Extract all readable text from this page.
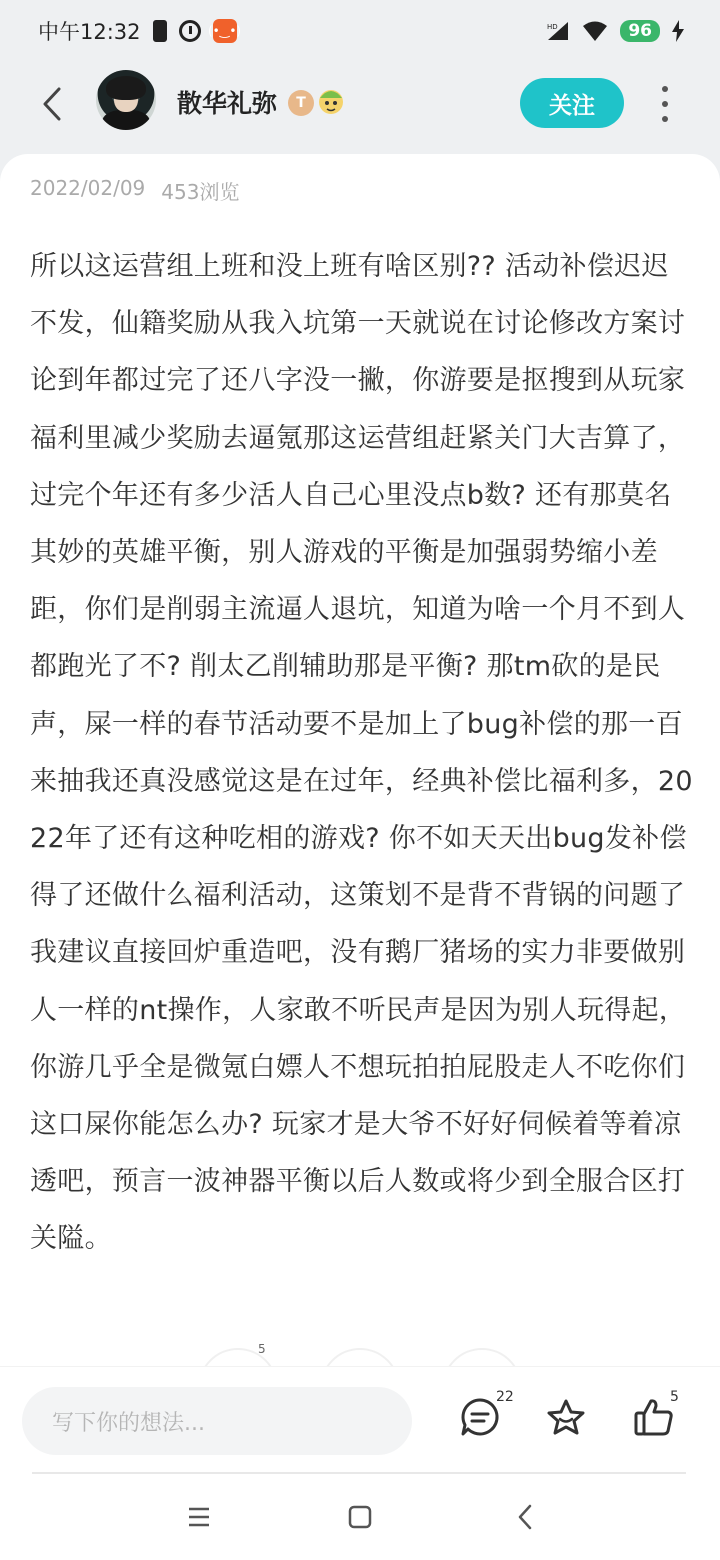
中午12:32	(•‿•)	HD	96
散华礼弥	T	关注
2022/02/09 453浏览
所以这运营组上班和没上班有啥区别?? 活动补偿迟迟不发，仙籍奖励从我入坑第一天就说在讨论修改方案讨论到年都过完了还八字没一撇，你游要是抠搜到从玩家福利里减少奖励去逼氪那这运营组赶紧关门大吉算了，过完个年还有多少活人自己心里没点b数? 还有那莫名其妙的英雄平衡，别人游戏的平衡是加强弱势缩小差距，你们是削弱主流逼人退坑，知道为啥一个月不到人都跑光了不? 削太乙削辅助那是平衡? 那tm砍的是民声，屎一样的春节活动要不是加上了bug补偿的那一百来抽我还真没感觉这是在过年，经典补偿比福利多，2022年了还有这种吃相的游戏? 你不如天天出bug发补偿得了还做什么福利活动，这策划不是背不背锅的问题了我建议直接回炉重造吧，没有鹅厂猪场的实力非要做别人一样的nt操作，人家敢不听民声是因为别人玩得起，你游几乎全是微氪白嫖人不想玩拍拍屁股走人不吃你们这口屎你能怎么办? 玩家才是大爷不好好伺候着等着凉透吧，预言一波神器平衡以后人数或将少到全服合区打关隘。
5
写下你的想法...
22	5
